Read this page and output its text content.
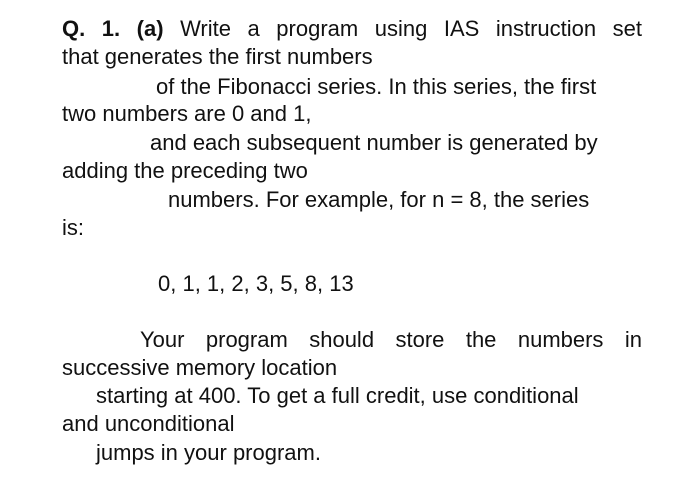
Q. 1. (a) Write a program using IAS instruction set
that generates the first numbers
of the Fibonacci series. In this series, the first
two numbers are 0 and 1,
and each subsequent number is generated by
adding the preceding two
numbers. For example, for n = 8, the series
is:
0, 1, 1, 2, 3, 5, 8, 13
Your program should store the numbers in
successive memory location
starting at 400. To get a full credit, use conditional
and unconditional
jumps in your program.
